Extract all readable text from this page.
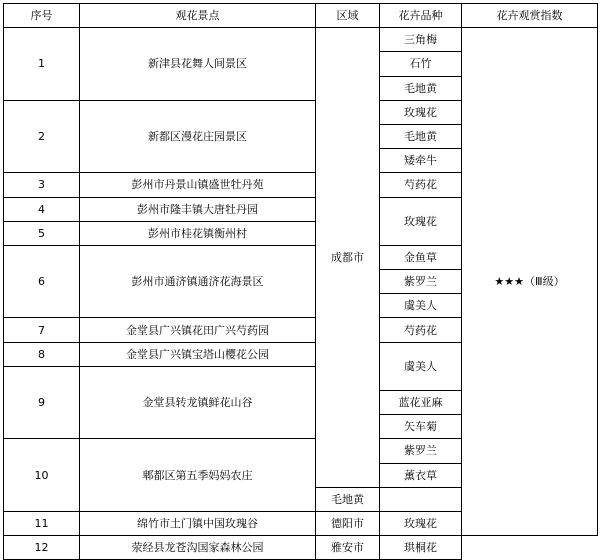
序号	观花景点	区域	花卉品种	花卉观赏指数
1	新津县花舞人间景区	成都市	三角梅	★★★（Ⅲ级）
			石竹	
			毛地黄	
2	新都区漫花庄园景区		玫瑰花	
			毛地黄	
			矮牵牛	
3	彭州市丹景山镇盛世牡丹苑		芍药花	
4	彭州市隆丰镇大唐牡丹园		玫瑰花	
5	彭州市桂花镇衡州村			
6	彭州市通济镇通济花海景区		金鱼草	
			紫罗兰	
			虞美人	
7	金堂县广兴镇花田广兴芍药园		芍药花	
8	金堂县广兴镇宝塔山樱花公园		虞美人	
9	金堂县转龙镇鲜花山谷			
			蓝花亚麻	
			矢车菊	
10	郫都区第五季妈妈农庄		紫罗兰	
			薰衣草	
		毛地黄		
11	绵竹市土门镇中国玫瑰谷	德阳市	玫瑰花	
12	荥经县龙苍沟国家森林公园	雅安市	珙桐花	
